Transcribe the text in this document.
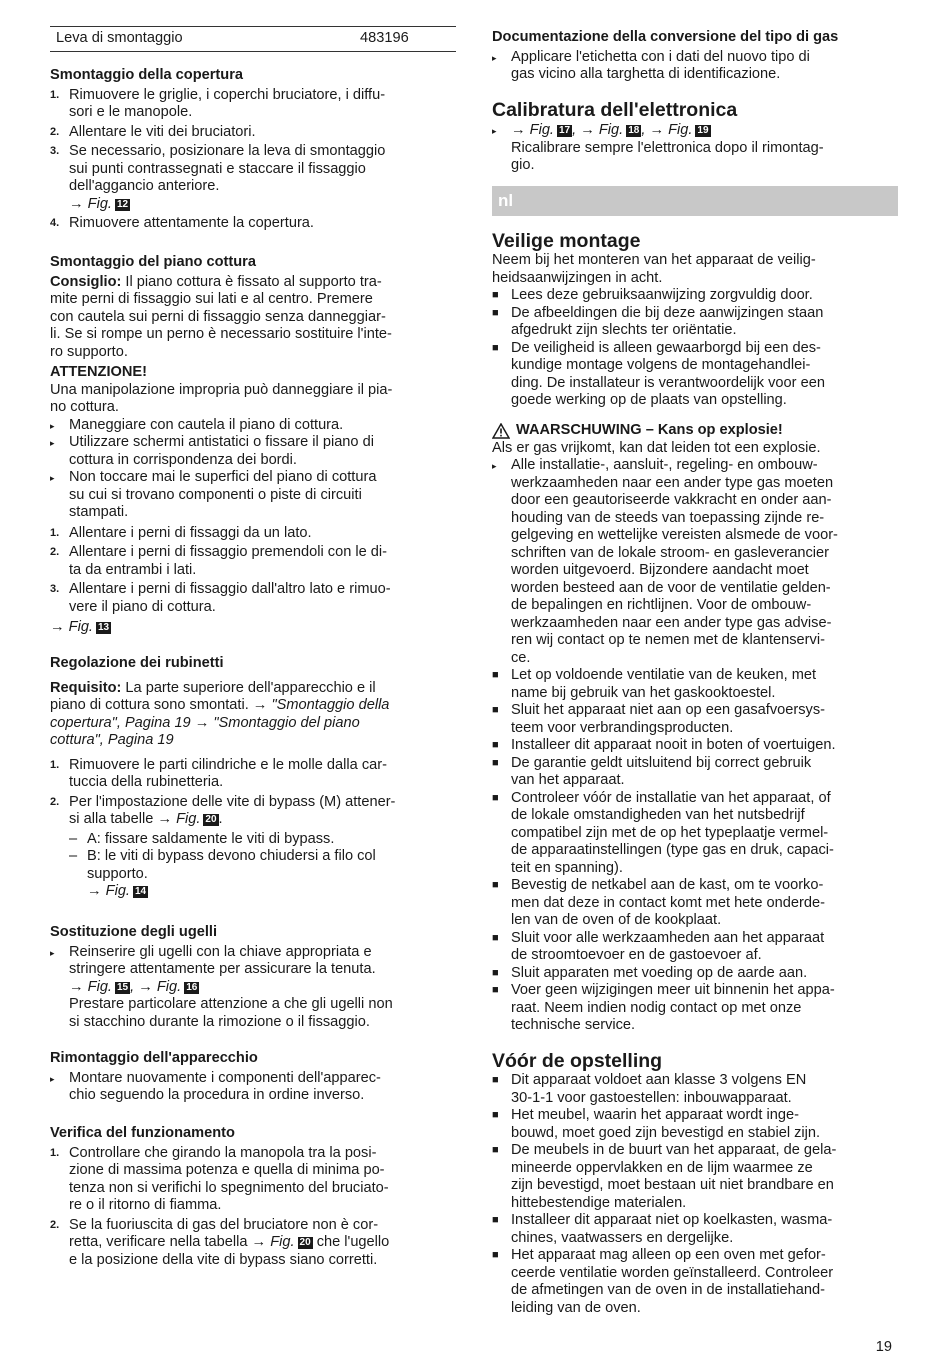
Leva di smontaggio	483196

Smontaggio della copertura

1. Rimuovere le griglie, i coperchi bruciatore, i diffu-
sori e le manopole.
2. Allentare le viti dei bruciatori.
3. Se necessario, posizionare la leva di smontaggio
sui punti contrassegnati e staccare il fissaggio
dell'aggancio anteriore.
→ Fig. 12
4. Rimuovere attentamente la copertura.

Smontaggio del piano cottura

Consiglio: Il piano cottura è fissato al supporto tra-
mite perni di fissaggio sui lati e al centro. Premere
con cautela sui perni di fissaggio senza danneggiar-
li. Se si rompe un perno è necessario sostituire l'inte-
ro supporto.
ATTENZIONE!
Una manipolazione impropria può danneggiare il pia-
no cottura.
▸ Maneggiare con cautela il piano di cottura.
▸ Utilizzare schermi antistatici o fissare il piano di
cottura in corrispondenza dei bordi.
▸ Non toccare mai le superfici del piano di cottura
su cui si trovano componenti o piste di circuiti
stampati.
1. Allentare i perni di fissaggi da un lato.
2. Allentare i perni di fissaggio premendoli con le di-
ta da entrambi i lati.
3. Allentare i perni di fissaggio dall'altro lato e rimuo-
vere il piano di cottura.
→ Fig. 13

Regolazione dei rubinetti

Requisito: La parte superiore dell'apparecchio e il
piano di cottura sono smontati. → "Smontaggio della
copertura", Pagina 19 → "Smontaggio del piano
cottura", Pagina 19
1. Rimuovere le parti cilindriche e le molle dalla car-
tuccia della rubinetteria.
2. Per l'impostazione delle vite di bypass (M) attener-
si alla tabelle → Fig. 20 .
– A: fissare saldamente le viti di bypass.
– B: le viti di bypass devono chiudersi a filo col
supporto.
→ Fig. 14

Sostituzione degli ugelli

▸ Reinserire gli ugelli con la chiave appropriata e
stringere attentamente per assicurare la tenuta.
→ Fig. 15 , → Fig. 16
Prestare particolare attenzione a che gli ugelli non
si stacchino durante la rimozione o il fissaggio.

Rimontaggio dell'apparecchio

▸ Montare nuovamente i componenti dell'apparec-
chio seguendo la procedura in ordine inverso.

Verifica del funzionamento

1. Controllare che girando la manopola tra la posi-
zione di massima potenza e quella di minima po-
tenza non si verifichi lo spegnimento del bruciato-
re o il ritorno di fiamma.
2. Se la fuoriuscita di gas del bruciatore non è cor-
retta, verificare nella tabella → Fig. 20 che l'ugello
e la posizione della vite di bypass siano corretti.

Documentazione della conversione del tipo di gas

▸ Applicare l'etichetta con i dati del nuovo tipo di
gas vicino alla targhetta di identificazione.

Calibratura dell'elettronica

▸ → Fig. 17 , → Fig. 18 , → Fig. 19
Ricalibrare sempre l'elettronica dopo il rimontag-
gio.

Veilige montage

Neem bij het monteren van het apparaat de veilig-
heidsaanwijzingen in acht.
■ Lees deze gebruiksaanwijzing zorgvuldig door.
■ De afbeeldingen die bij deze aanwijzingen staan
afgedrukt zijn slechts ter oriëntatie.
■ De veiligheid is alleen gewaarborgd bij een des-
kundige montage volgens de montagehandlei-
ding. De installateur is verantwoordelijk voor een
goede werking op de plaats van opstelling.
WAARSCHUWING – Kans op explosie!
Als er gas vrijkomt, kan dat leiden tot een explosie.
▸ Alle installatie-, aansluit-, regeling- en ombouw-
werkzaamheden naar een ander type gas moeten
door een geautoriseerde vakkracht en onder aan-
houding van de steeds van toepassing zijnde re-
gelgeving en wettelijke vereisten alsmede de voor-
schriften van de lokale stroom- en gasleverancier
worden uitgevoerd. Bijzondere aandacht moet
worden besteed aan de voor de ventilatie gelden-
de bepalingen en richtlijnen. Voor de ombouw-
werkzaamheden naar een ander type gas advise-
ren wij contact op te nemen met de klantenservi-
ce.
■ Let op voldoende ventilatie van de keuken, met
name bij gebruik van het gaskooktoestel.
■ Sluit het apparaat niet aan op een gasafvoersys-
teem voor verbrandingsproducten.
■ Installeer dit apparaat nooit in boten of voertuigen.
■ De garantie geldt uitsluitend bij correct gebruik
van het apparaat.
■ Controleer vóór de installatie van het apparaat, of
de lokale omstandigheden van het nutsbedrijf
compatibel zijn met de op het typeplaatje vermel-
de apparaatinstellingen (type gas en druk, capaci-
teit en spanning).
■ Bevestig de netkabel aan de kast, om te voorko-
men dat deze in contact komt met hete onderde-
len van de oven of de kookplaat.
■ Sluit voor alle werkzaamheden aan het apparaat
de stroomtoevoer en de gastoevoer af.
■ Sluit apparaten met voeding op de aarde aan.
■ Voer geen wijzigingen meer uit binnenin het appa-
raat. Neem indien nodig contact op met onze
technische service.

Vóór de opstelling

■ Dit apparaat voldoet aan klasse 3 volgens EN
30-1-1 voor gastoestellen: inbouwapparaat.
■ Het meubel, waarin het apparaat wordt inge-
bouwd, moet goed zijn bevestigd en stabiel zijn.
■ De meubels in de buurt van het apparaat, de gela-
mineerde oppervlakken en de lijm waarmee ze
zijn bevestigd, moet bestaan uit niet brandbare en
hittebestendige materialen.
■ Installeer dit apparaat niet op koelkasten, wasma-
chines, vaatwassers en dergelijke.
■ Het apparaat mag alleen op een oven met gefor-
ceerde ventilatie worden geïnstalleerd. Controleer
de afmetingen van de oven in de installatiehand-
leiding van de oven.
nl
19
